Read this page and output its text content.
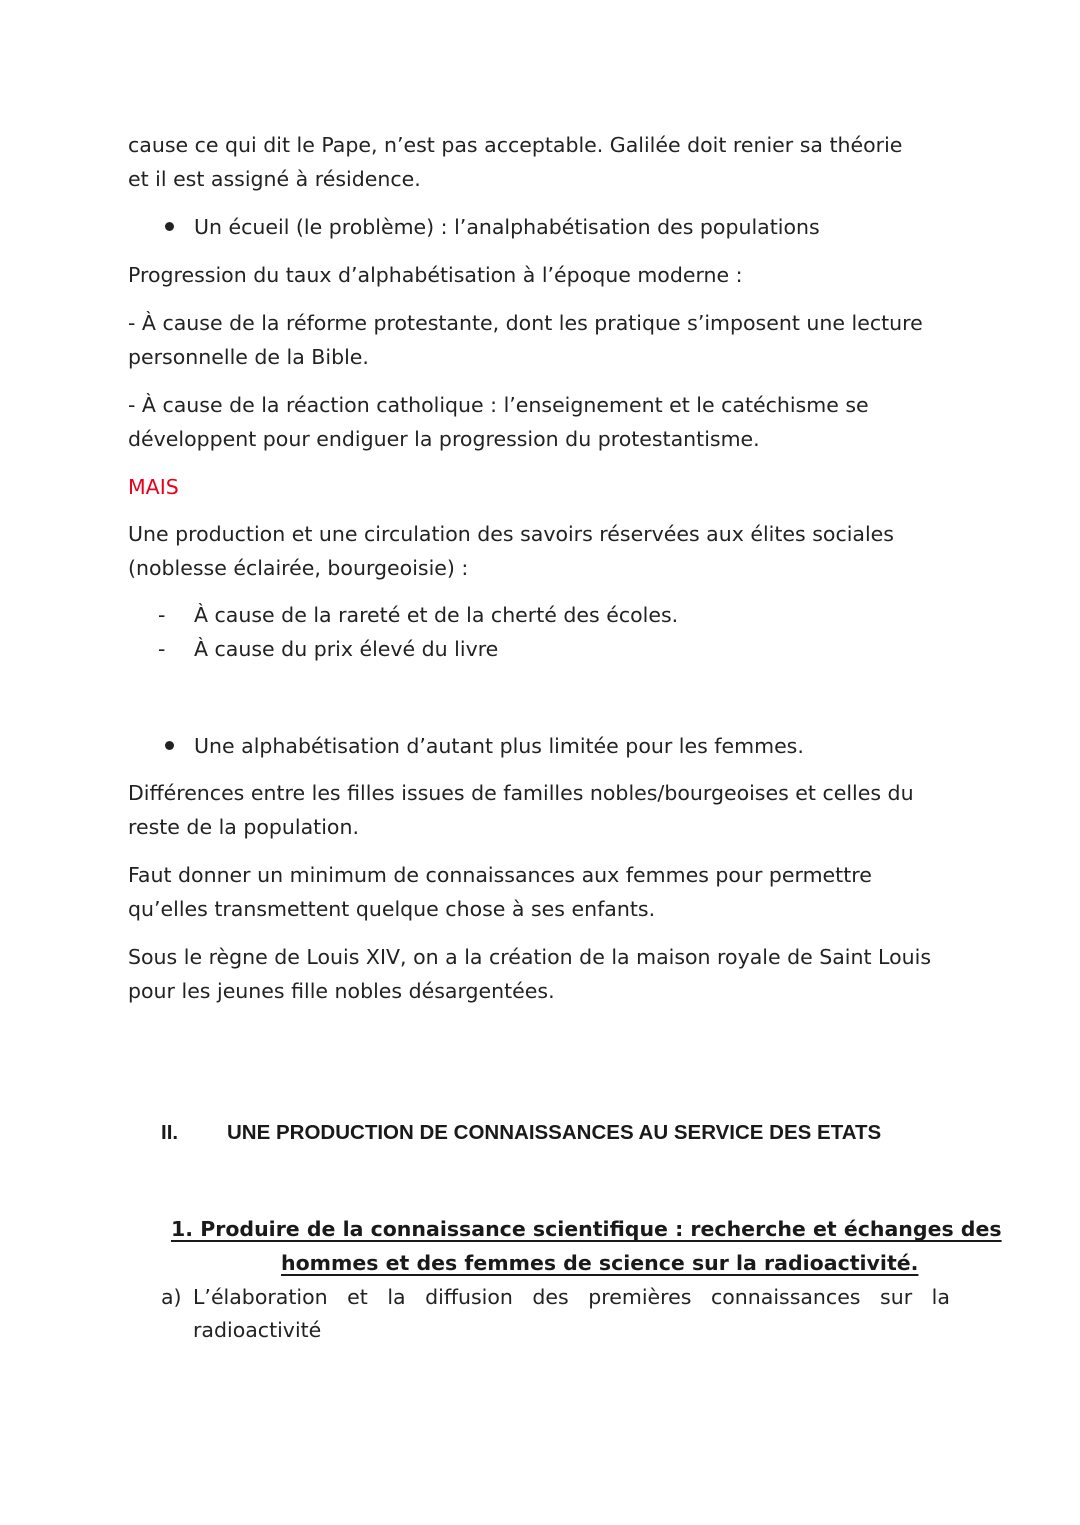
cause ce qui dit le Pape, n’est pas acceptable. Galilée doit renier sa théorie
et il est assigné à résidence.
Un écueil (le problème) : l’analphabétisation des populations
Progression du taux d’alphabétisation à l’époque moderne :
- À cause de la réforme protestante, dont les pratique s’imposent une lecture
personnelle de la Bible.
- À cause de la réaction catholique : l’enseignement et le catéchisme se
développent pour endiguer la progression du protestantisme.
MAIS
Une production et une circulation des savoirs réservées aux élites sociales
(noblesse éclairée, bourgeoisie) :
- À cause de la rareté et de la cherté des écoles.
- À cause du prix élevé du livre
Une alphabétisation d’autant plus limitée pour les femmes.
Différences entre les filles issues de familles nobles/bourgeoises et celles du
reste de la population.
Faut donner un minimum de connaissances aux femmes pour permettre
qu’elles transmettent quelque chose à ses enfants.
Sous le règne de Louis XIV, on a la création de la maison royale de Saint Louis
pour les jeunes fille nobles désargentées.
II. UNE PRODUCTION DE CONNAISSANCES AU SERVICE DES ETATS
1. Produire de la connaissance scientifique : recherche et échanges des
hommes et des femmes de science sur la radioactivité.
a) L’élaboration et la diffusion des premières connaissances sur la
radioactivité
